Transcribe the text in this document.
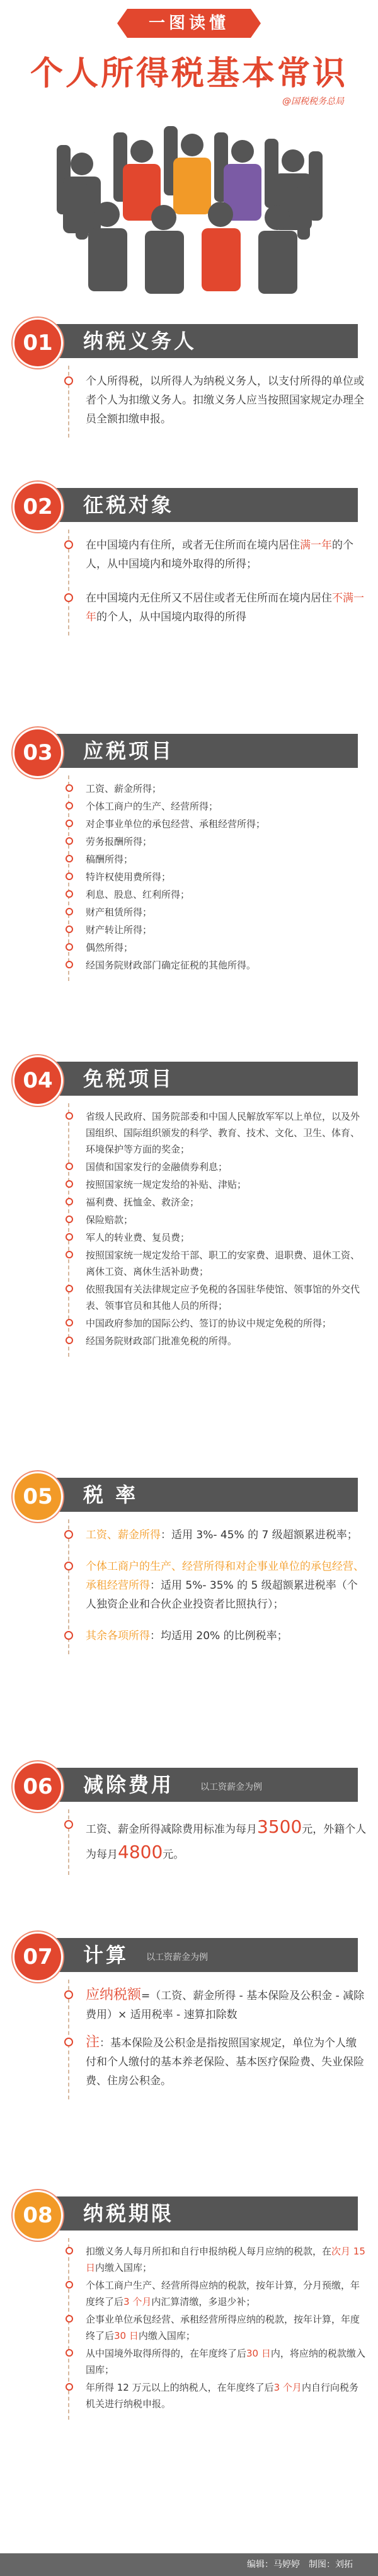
一图读懂
个人所得税基本常识
@国税税务总局
01	纳税义务人
个人所得税，以所得人为纳税义务人，以支付所得的单位或者个人为扣缴义务人。扣缴义务人应当按照国家规定办理全员全额扣缴申报。
02	征税对象
在中国境内有住所，或者无住所而在境内居住满一年的个人，从中国境内和境外取得的所得；
在中国境内无住所又不居住或者无住所而在境内居住不满一年的个人，从中国境内取得的所得
03	应税项目
工资、薪金所得；
个体工商户的生产、经营所得；
对企事业单位的承包经营、承租经营所得；
劳务报酬所得；
稿酬所得；
特许权使用费所得；
利息、股息、红利所得；
财产租赁所得；
财产转让所得；
偶然所得；
经国务院财政部门确定征税的其他所得。
04	免税项目
省级人民政府、国务院部委和中国人民解放军军以上单位，以及外国组织、国际组织颁发的科学、教育、技术、文化、卫生、体育、环境保护等方面的奖金；
国债和国家发行的金融债券利息；
按照国家统一规定发给的补贴、津贴；
福利费、抚恤金、救济金；
保险赔款；
军人的转业费、复员费；
按照国家统一规定发给干部、职工的安家费、退职费、退休工资、离休工资、离休生活补助费；
依照我国有关法律规定应予免税的各国驻华使馆、领事馆的外交代表、领事官员和其他人员的所得；
中国政府参加的国际公约、签订的协议中规定免税的所得；
经国务院财政部门批准免税的所得。
05	税 率
工资、薪金所得：适用 3%- 45% 的 7 级超额累进税率；
个体工商户的生产、经营所得和对企事业单位的承包经营、承租经营所得：适用 5%- 35% 的 5 级超额累进税率（个人独资企业和合伙企业投资者比照执行）；
其余各项所得：均适用 20% 的比例税率；
06	减除费用	以工资薪金为例
工资、薪金所得减除费用标准为每月3500元，外籍个人为每月4800元。
07	计算 以工资薪金为例
应纳税额=（工资、薪金所得 - 基本保险及公积金 - 减除费用）× 适用税率 - 速算扣除数
注：基本保险及公积金是指按照国家规定，单位为个人缴付和个人缴付的基本养老保险、基本医疗保险费、失业保险费、住房公积金。
08	纳税期限
扣缴义务人每月所扣和自行申报纳税人每月应纳的税款，在次月 15 日内缴入国库；
个体工商户生产、经营所得应纳的税款，按年计算，分月预缴，年度终了后3 个月内汇算清缴，多退少补；
企事业单位承包经营、承租经营所得应纳的税款，按年计算，年度终了后30 日内缴入国库；
从中国境外取得所得的，在年度终了后30 日内，将应纳的税款缴入国库；
年所得 12 万元以上的纳税人，在年度终了后3 个月内自行向税务机关进行纳税申报。
编辑：马婷婷　制图：刘拓
